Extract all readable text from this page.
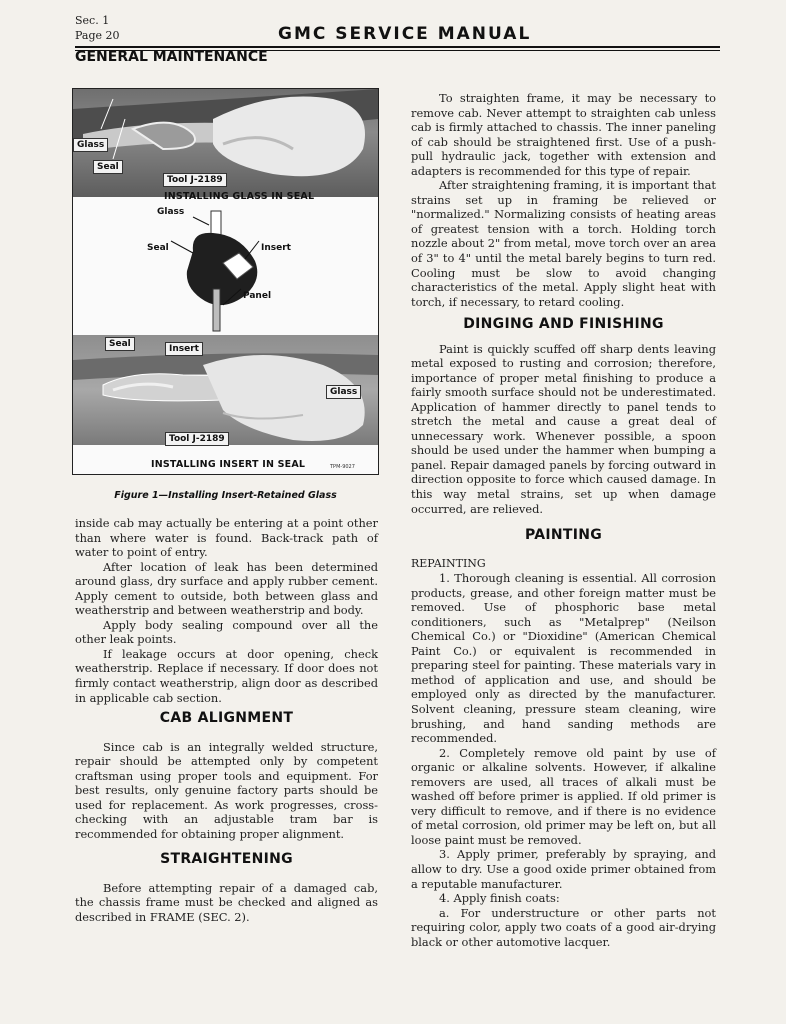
Sec. 1
Page 20	GMC SERVICE MANUAL
GENERAL MAINTENANCE
Glass
Seal
Tool J-2189
INSTALLING GLASS IN SEAL
Glass
Seal	Insert
Panel
Seal	Insert
Glass
Tool J-2189
INSTALLING INSERT IN SEAL	TPM-9027
Figure 1—Installing Insert-Retained Glass

inside cab may actually be entering at a point other than where water is found. Back-track path of water to point of entry.

After location of leak has been determined around glass, dry surface and apply rubber cement. Apply cement to outside, both between glass and weatherstrip and between weatherstrip and body.

Apply body sealing compound over all the other leak points.

If leakage occurs at door opening, check weatherstrip. Replace if necessary. If door does not firmly contact weatherstrip, align door as described in applicable cab section.

CAB ALIGNMENT

Since cab is an integrally welded structure, repair should be attempted only by competent craftsman using proper tools and equipment. For best results, only genuine factory parts should be used for replacement. As work progresses, cross-checking with an adjustable tram bar is recommended for obtaining proper alignment.

STRAIGHTENING

Before attempting repair of a damaged cab, the chassis frame must be checked and aligned as described in FRAME (SEC. 2).

To straighten frame, it may be necessary to remove cab. Never attempt to straighten cab unless cab is firmly attached to chassis. The inner paneling of cab should be straightened first. Use of a push-pull hydraulic jack, together with extension and adapters is recommended for this type of repair.

After straightening framing, it is important that strains set up in framing be relieved or "normalized." Normalizing consists of heating areas of greatest tension with a torch. Holding torch nozzle about 2" from metal, move torch over an area of 3" to 4" until the metal barely begins to turn red. Cooling must be slow to avoid changing characteristics of the metal. Apply slight heat with torch, if necessary, to retard cooling.

DINGING AND FINISHING

Paint is quickly scuffed off sharp dents leaving metal exposed to rusting and corrosion; therefore, importance of proper metal finishing to produce a fairly smooth surface should not be underestimated. Application of hammer directly to panel tends to stretch the metal and cause a great deal of unnecessary work. Whenever possible, a spoon should be used under the hammer when bumping a panel. Repair damaged panels by forcing outward in direction opposite to force which caused damage. In this way metal strains, set up when damage occurred, are relieved.

PAINTING

REPAINTING

1. Thorough cleaning is essential. All corrosion products, grease, and other foreign matter must be removed. Use of phosphoric base metal conditioners, such as "Metalprep" (Neilson Chemical Co.) or "Dioxidine" (American Chemical Paint Co.) or equivalent is recommended in preparing steel for painting. These materials vary in method of application and use, and should be employed only as directed by the manufacturer. Solvent cleaning, pressure steam cleaning, wire brushing, and hand sanding methods are recommended.

2. Completely remove old paint by use of organic or alkaline solvents. However, if alkaline removers are used, all traces of alkali must be washed off before primer is applied. If old primer is very difficult to remove, and if there is no evidence of metal corrosion, old primer may be left on, but all loose paint must be removed.

3. Apply primer, preferably by spraying, and allow to dry. Use a good oxide primer obtained from a reputable manufacturer.

4. Apply finish coats:

a. For understructure or other parts not requiring color, apply two coats of a good air-drying black or other automotive lacquer.
